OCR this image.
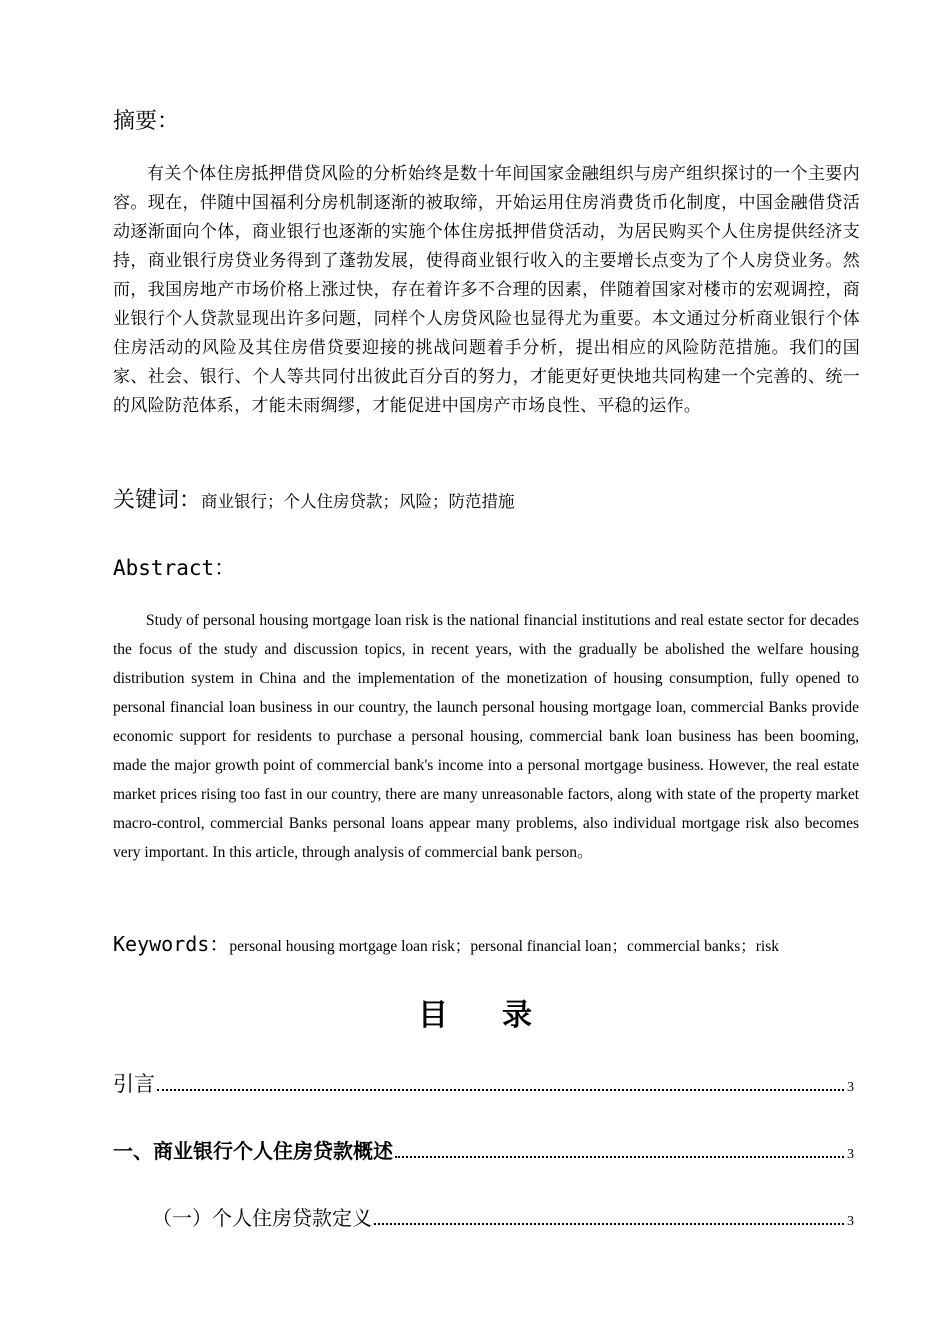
摘要：
有关个体住房抵押借贷风险的分析始终是数十年间国家金融组织与房产组织探讨的一个主要内容。现在，伴随中国福利分房机制逐渐的被取缔，开始运用住房消费货币化制度，中国金融借贷活动逐渐面向个体，商业银行也逐渐的实施个体住房抵押借贷活动，为居民购买个人住房提供经济支持，商业银行房贷业务得到了蓬勃发展，使得商业银行收入的主要增长点变为了个人房贷业务。然而，我国房地产市场价格上涨过快，存在着许多不合理的因素，伴随着国家对楼市的宏观调控，商业银行个人贷款显现出许多问题，同样个人房贷风险也显得尤为重要。本文通过分析商业银行个体住房活动的风险及其住房借贷要迎接的挑战问题着手分析，提出相应的风险防范措施。我们的国家、社会、银行、个人等共同付出彼此百分百的努力，才能更好更快地共同构建一个完善的、统一的风险防范体系，才能未雨绸缪，才能促进中国房产市场良性、平稳的运作。
关键词：商业银行；个人住房贷款；风险；防范措施
Abstract：
Study of personal housing mortgage loan risk is the national financial institutions and real estate sector for decades the focus of the study and discussion topics, in recent years, with the gradually be abolished the welfare housing distribution system in China and the implementation of the monetization of housing consumption, fully opened to personal financial loan business in our country, the launch personal housing mortgage loan, commercial Banks provide economic support for residents to purchase a personal housing, commercial bank loan business has been booming, made the major growth point of commercial bank's income into a personal mortgage business. However, the real estate market prices rising too fast in our country, there are many unreasonable factors, along with state of the property market macro-control, commercial Banks personal loans appear many problems, also individual mortgage risk also becomes very important. In this article, through analysis of commercial bank person。
Keywords：personal housing mortgage loan risk；personal financial loan；commercial banks；risk
目录
引言	3
一、商业银行个人住房贷款概述	3
（一）个人住房贷款定义	3
